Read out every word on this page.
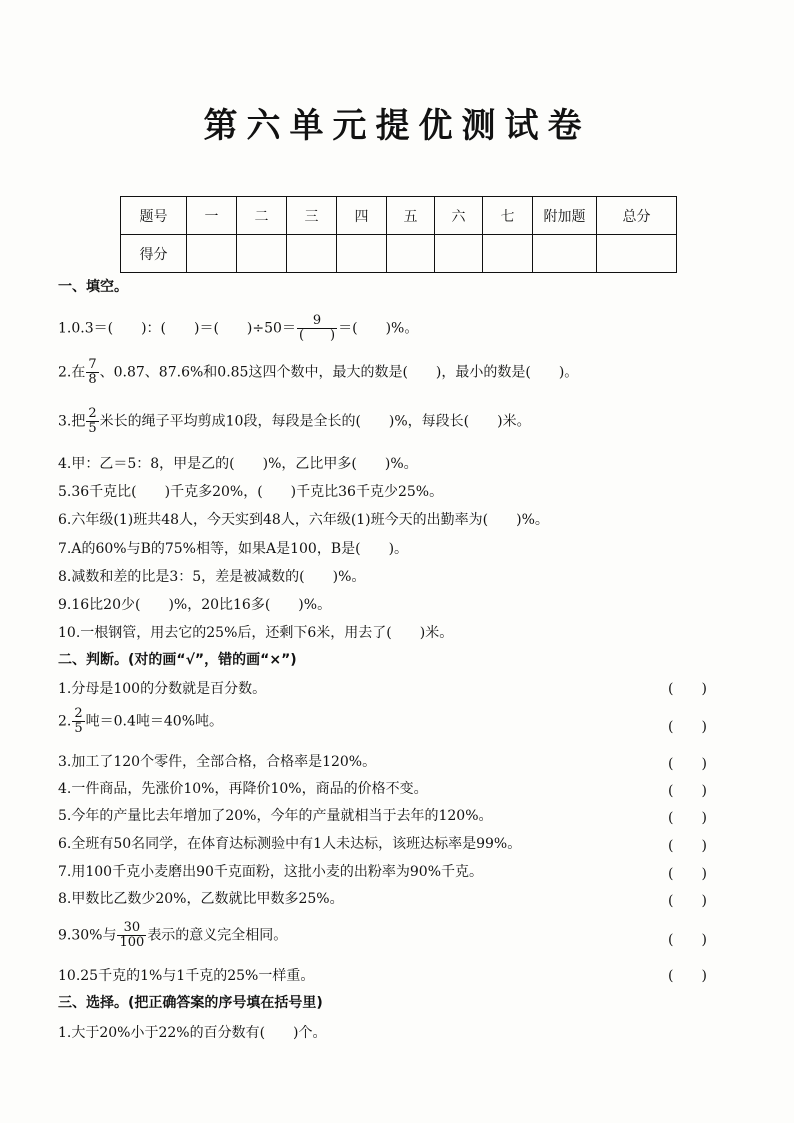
第六单元提优测试卷
题号	一	二	三	四	五	六	七	附加题	总分
得分									
一、填空。
1.0.3＝(　　)：(　　)＝(　　)$\div 50= \frac{9}{( )}$ ＝(　　)%。
2.在 $\frac{7}{8}$ 、0.87、87.6%和0.85这四个数中，最大的数是(　　)，最小的数是(　　)。
3.把 $\frac{2}{5}$ 米长的绳子平均剪成10段，每段是全长的(　　)%，每段长(　　)米。
4.甲：乙＝5：8，甲是乙的(　　)%，乙比甲多(　　)%。
5.36千克比(　　)千克多20%，(　　)千克比36千克少25%。
6.六年级(1)班共48人，今天实到48人，六年级(1)班今天的出勤率为(　　)%。
7.A的60%与B的75%相等，如果A是100，B是(　　)。
8.减数和差的比是3：5，差是被减数的(　　)%。
9.16比20少(　　)%，20比16多(　　)%。
10.一根钢管，用去它的25%后，还剩下6米，用去了(　　)米。
二、判断。(对的画“√”，错的画“×”)
1.分母是100的分数就是百分数。	(　　)
2. $\frac{2}{5}$ 吨＝0.4吨＝40%吨。	(　　)
3.加工了120个零件，全部合格，合格率是120%。	(　　)
4.一件商品，先涨价10%，再降价10%，商品的价格不变。	(　　)
5.今年的产量比去年增加了20%，今年的产量就相当于去年的120%。	(　　)
6.全班有50名同学，在体育达标测验中有1人未达标，该班达标率是99%。	(　　)
7.用100千克小麦磨出90千克面粉，这批小麦的出粉率为90%千克。	(　　)
8.甲数比乙数少20%，乙数就比甲数多25%。	(　　)
9.30%与 $\frac{30}{100}$ 表示的意义完全相同。	(　　)
10.25千克的1%与1千克的25%一样重。	(　　)
三、选择。(把正确答案的序号填在括号里)
1.大于20%小于22%的百分数有(　　)个。
